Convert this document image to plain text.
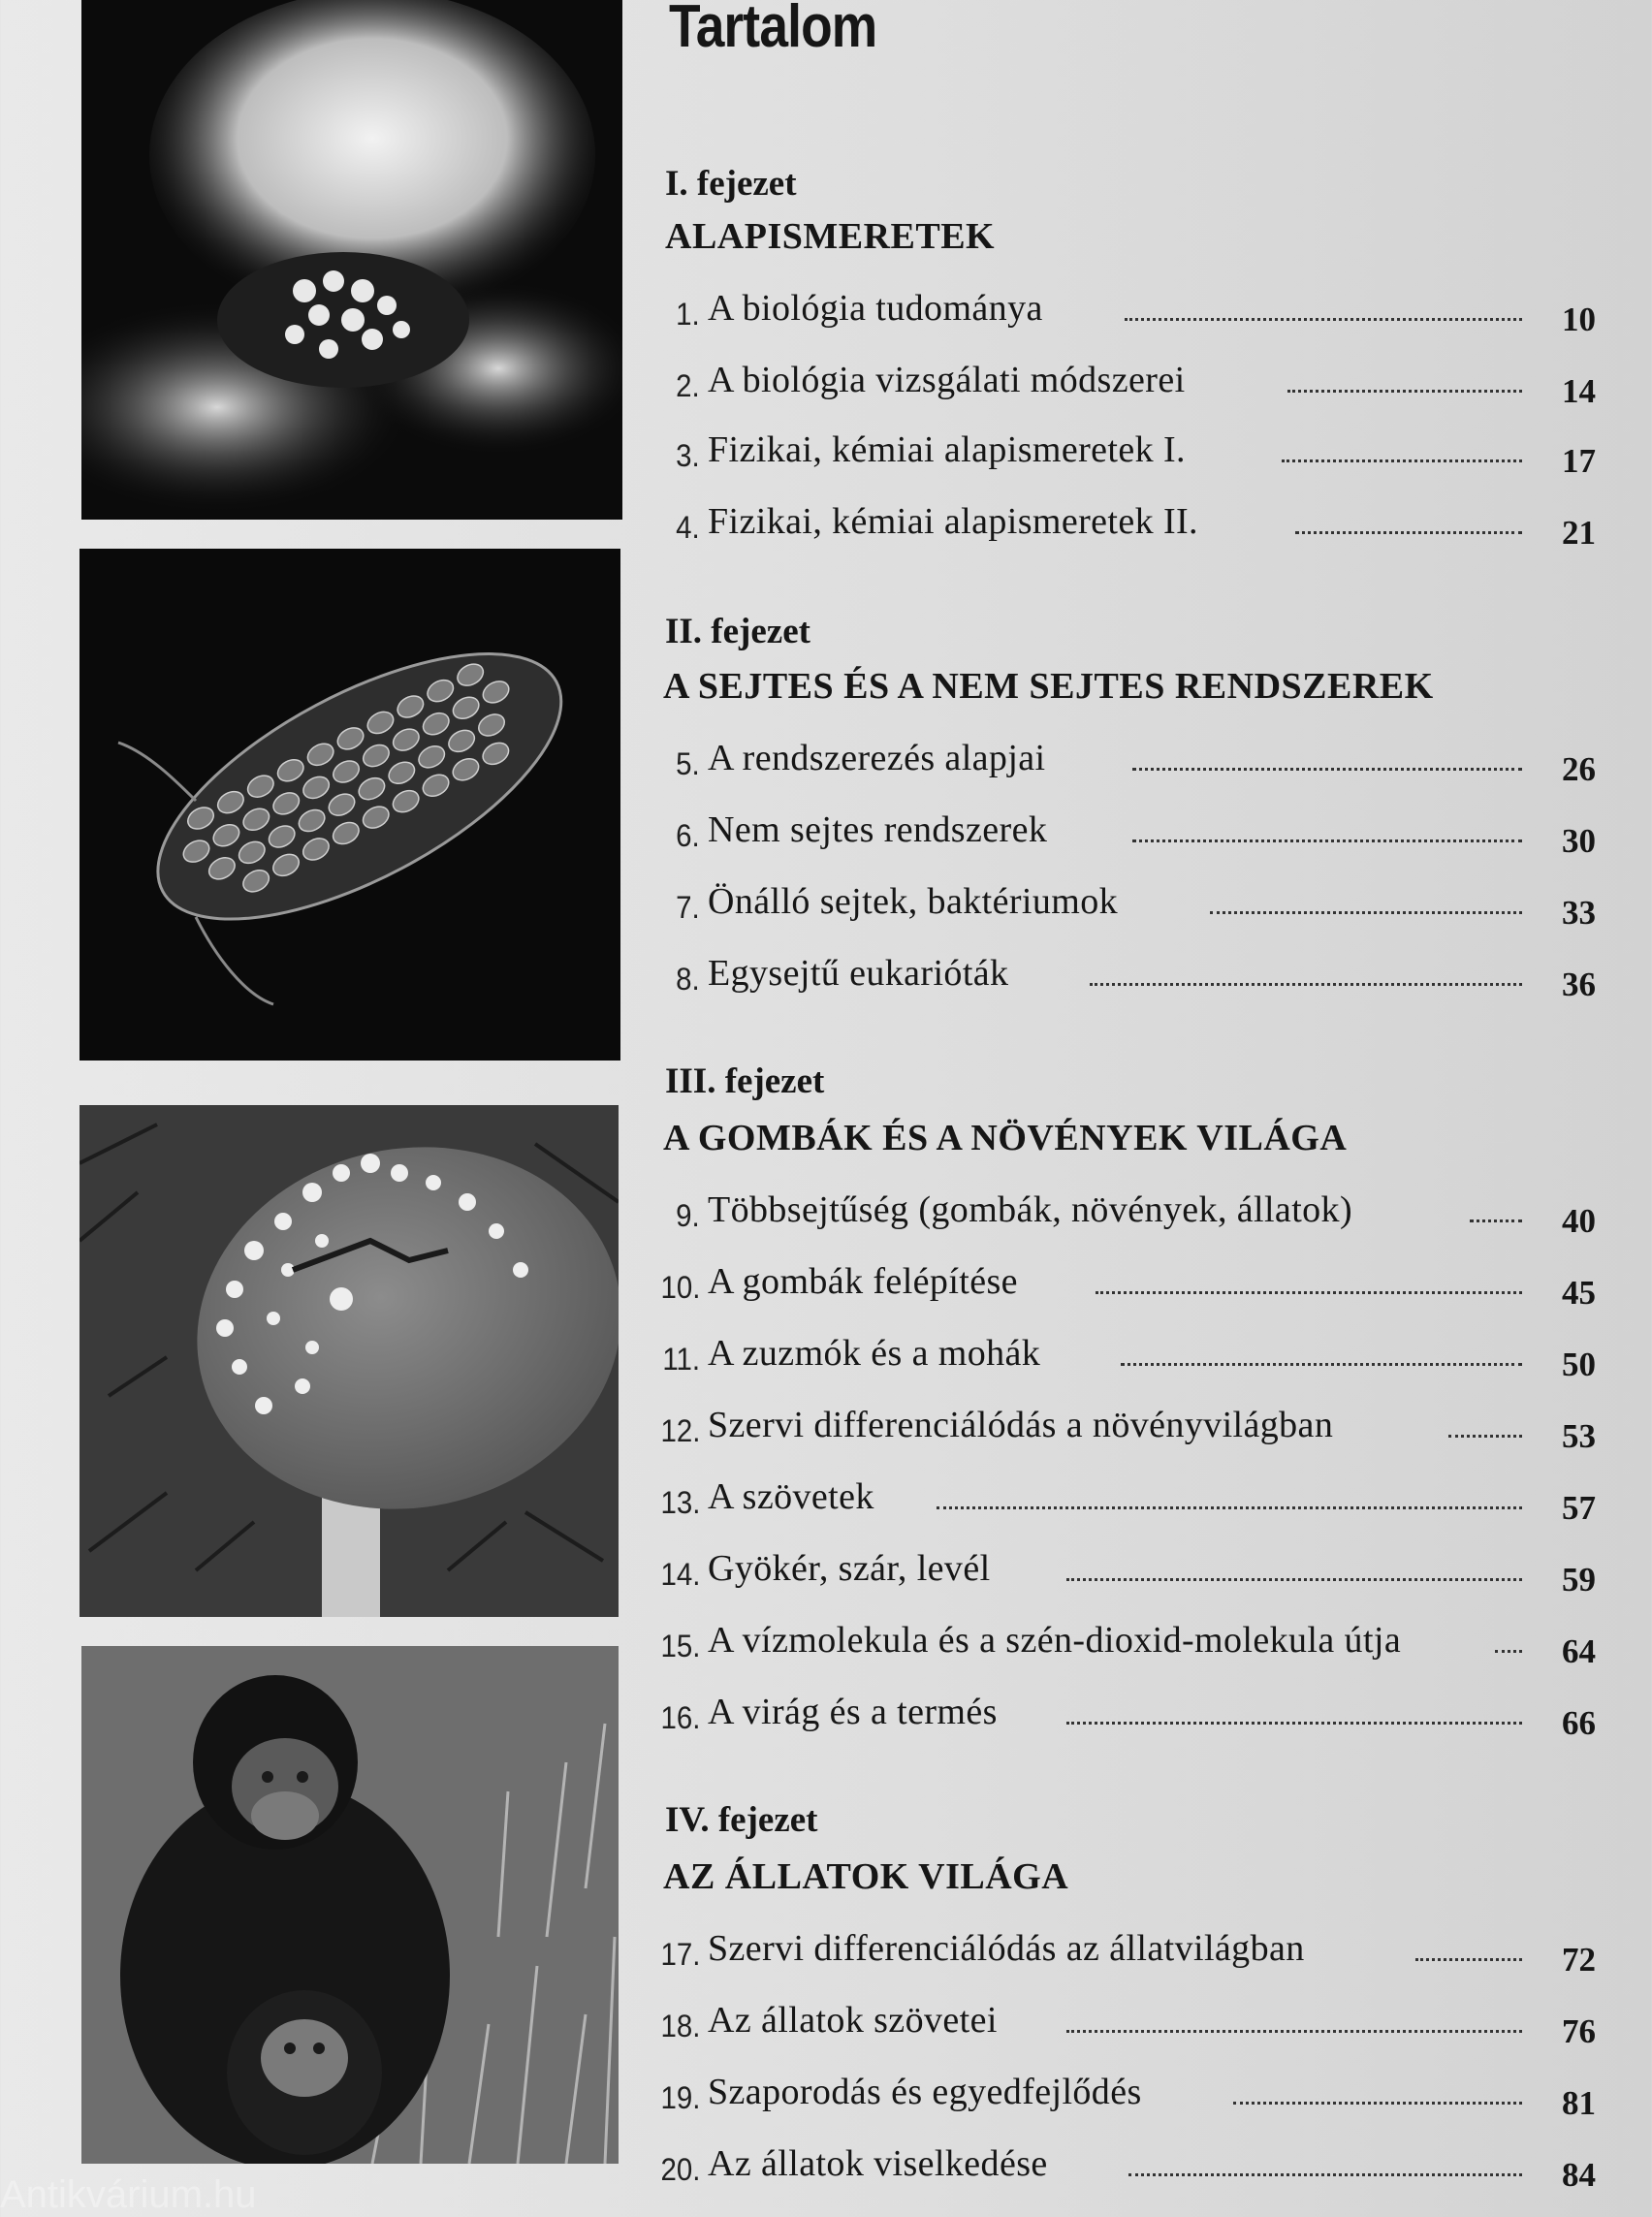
Tartalom
I. fejezet
ALAPISMERETEK
1. A biológia tudománya	10
2. A biológia vizsgálati módszerei	14
3. Fizikai, kémiai alapismeretek I.	17
4. Fizikai, kémiai alapismeretek II.	21
II. fejezet
A SEJTES ÉS A NEM SEJTES RENDSZEREK
5. A rendszerezés alapjai	26
6. Nem sejtes rendszerek	30
7. Önálló sejtek, baktériumok	33
8. Egysejtű eukarióták	36
III. fejezet
A GOMBÁK ÉS A NÖVÉNYEK VILÁGA
9. Többsejtűség (gombák, növények, állatok)	40
10. A gombák felépítése	45
11. A zuzmók és a mohák	50
12. Szervi differenciálódás a növényvilágban	53
13. A szövetek	57
14. Gyökér, szár, levél	59
15. A vízmolekula és a szén-dioxid-molekula útja	64
16. A virág és a termés	66
IV. fejezet
AZ ÁLLATOK VILÁGA
17. Szervi differenciálódás az állatvilágban	72
18. Az állatok szövetei	76
19. Szaporodás és egyedfejlődés	81
20. Az állatok viselkedése	84
Antikvárium.hu
